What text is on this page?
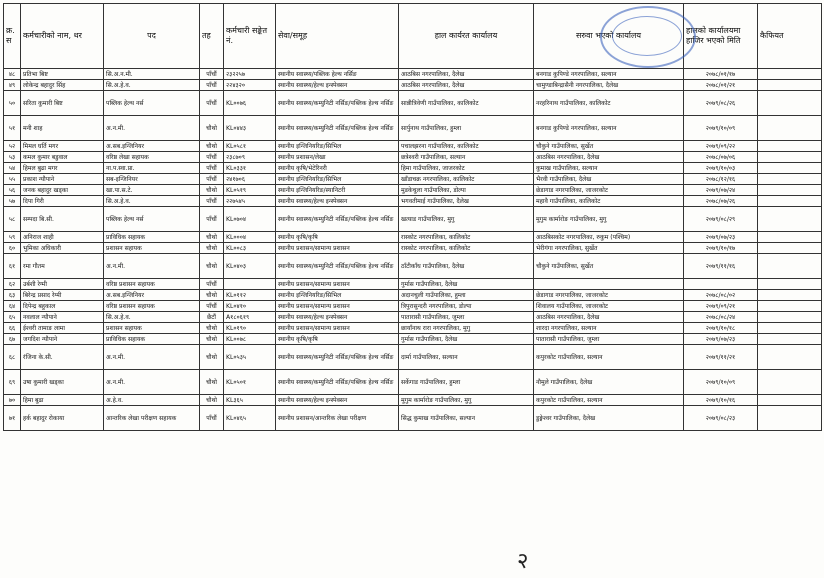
क्र. स	कर्मचारीको नाम, थर	पद	तह	कर्मचारी सङ्केत नं.	सेवा/समूह	हाल कार्यरत कार्यालय	सरुवा भएको कार्यालय	हालको कार्यालयमा हाजिर भएको मिति	कैफियत
४८	प्रतिभा बिष्ट	सि.अ.न.मी.	पाँचौं	२३२२५७	स्थानीय स्वास्थ्य/पब्लिक हेल्थ नर्सिङ	आठबिस नगरपालिका, दैलेख	बनगाड कुपिण्डे नगरपालिका, सल्यान	२०७८/०१/१७	
४९	लोकेन्द्र बहादुर सिंह	सि.अ.हे.व.	पाँचौं	२२४३२०	स्थानीय स्वास्थ्य/हेल्थ इन्स्पेक्सन	आठबिस नगरपालिका, दैलेख	चामुण्डाबिन्द्रासैनी नगरपालिका, दैलेख	२०७८/०१/२१	
५०	सरिता कुमारी बिष्ट	पब्लिक हेल्थ नर्स	पाँचौं	KL००७६	स्थानीय स्वास्थ्य/कम्युनिटी नर्सिङ/पब्लिक हेल्थ नर्सिङ	सान्नीत्रिवेणी गाउँपालिका, कालिकोट	नरहरिनाथ गाउँपालिका, कालिकोट	२०७९/०८/२६	
५१	मनी शाह	अ.न.मी.	चौथो	KL०४४३	स्थानीय स्वास्थ्य/कम्युनिटी नर्सिङ/पब्लिक हेल्थ नर्सिङ	सार्पुनाथ गाउँपालिका, हुम्ला	बनगाड कुपिण्डे नगरपालिका, सल्यान	२०७९/१०/०९	
५२	मिमल घर्ति मगर	अ.सब.इन्जिनियर	चौथो	KL०५८१	स्थानीय इन्जिनियरिङ/सिभिल	पचालझरना गाउँपालिका, कालिकोट	चौकुने गाउँपालिका, सुर्खेत	२०७९/०९/२२	
५३	कमल कुमार बडुवाल	वरिष्ठ लेखा सहायक	पाँचौं	२३८७०९	स्थानीय प्रशासन/लेखा	छत्रेश्वरी गाउँपालिका, सल्यान	आठबिस नगरपालिका, दैलेख	२०७८/०७/०६	
५४	हिमल बुढा मगर	ना.प.स्वा.प्रा.	पाँचौं	KL०३३१	स्थानीय कृषि/भेटेरिनरी	हिमा गाउँपालिका, जाजरकोट	कुमाख गाउँपालिका, सल्यान	२०७९/१०/०३	
५५	प्रकाश न्यौपाने	सब-इन्जिनियर	पाँचौं	२४१७०६	स्थानीय इन्जिनियरिङ/सिभिल	खाँडाचक्र नगरपालिका, कालिकोट	भैरवी गाउँपालिका, दैलेख	२०७८/१२/१६	
५६	जनक बहादुर खड्का	खा.पा.स.टे.	चौथो	KL०५१९	स्थानीय इन्जिनियरिङ/स्यानिटरी	मुडकेचुला गाउँपालिका, डोल्पा	छेडागाड नगरपालिका, जाजरकोट	२०७९/०७/२४	
५७	दिपा गिरी	सि.अ.हे.व.	पाँचौं	२२७५४५	स्थानीय स्वास्थ्य/हेल्थ इन्स्पेक्सन	भगवतीमाई गाउँपालिका, दैलेख	महावै गाउँपालिका, कालिकोट	२०७८/०७/२६	
५८	सम्पदा बि.सी.	पब्लिक हेल्थ नर्स	पाँचौं	KL०७०४	स्थानीय स्वास्थ्य/कम्युनिटी नर्सिङ/पब्लिक हेल्थ नर्सिङ	खत्याड गाउँपालिका, मुगु	मुगुम कार्मारोङ गाउँपालिका, मुगु	२०७९/०८/२९	
५९	अनिराज शाही	प्राविधिक सहायक	चौथो	KL०००४	स्थानीय कृषि/कृषि	रास्कोट नगरपालिका, कालिकोट	आठबिसकोट नगरपालिका, रुकुम (पश्चिम)	२०७९/०७/२३	
६०	भुमिका अधिकारी	प्रशासन सहायक	चौथो	KL००८३	स्थानीय प्रशासन/सामान्य प्रशासन	रास्कोट नगरपालिका, कालिकोट	भेरीगंगा नगरपालिका, सुर्खेत	२०७९/१०/१७	
६१	रमा गौतम	अ.न.मी.	चौथो	KL०४०३	स्थानीय स्वास्थ्य/कम्युनिटी नर्सिङ/पब्लिक हेल्थ नर्सिङ	ठाँटीकाँध गाउँपालिका, दैलेख	चौकुने गाउँपालिका, सुर्खेत	२०७९/११/१६	
६२	उर्बशी रेग्मी	वरिष्ठ प्रशासन सहायक	पाँचौं		स्थानीय प्रशासन/सामान्य प्रशासन	गुर्मास गाउँपालिका, दैलेख			
६३	बिरेन्द्र प्रसाद रेग्मी	अ.सब.इन्जिनियर	चौथो	KL०११२	स्थानीय इन्जिनियरिङ/सिभिल	अदानचुली गाउँपालिका, हुम्ला	छेडागाड नगरपालिका, जाजरकोट	२०७८/०८/०२	
६४	दिपेन्द्र बहुकाल	वरिष्ठ प्रशासन सहायक	पाँचौं	KL०४१०	स्थानीय प्रशासन/सामान्य प्रशासन	त्रिपुरासुन्दरी नगरपालिका, डोल्पा	शिवालय गाउँपालिका, जाजरकोट	२०७९/०९/२१	
६५	नवलाल न्यौपाने	सि.अ.हे.व.	छैटौं	A१८०६१९	स्थानीय स्वास्थ्य/हेल्थ इन्स्पेक्सन	पातारासी गाउँपालिका, जुम्ला	आठबिस नगरपालिका, दैलेख	२०७८/०८/२४	
६६	ईश्वरी तामाङ लामा	प्रशासन सहायक	चौथो	KL०१९०	स्थानीय प्रशासन/सामान्य प्रशासन	छायाँनाथ रारा नगरपालिका, मुगु	शारदा नगरपालिका, सल्यान	२०७९/१०/१८	
६७	जगदिश न्यौपाने	प्राविधिक सहायक	चौथो	KL००७८	स्थानीय कृषि/कृषि	गुर्मास गाउँपालिका, दैलेख	पातारासी गाउँपालिका, जुम्ला	२०७९/०७/२३	
६८	रंजिना के.सी.	अ.न.मी.	चौथो	KL०५३५	स्थानीय स्वास्थ्य/कम्युनिटी नर्सिङ/पब्लिक हेल्थ नर्सिङ	दार्मा गाउँपालिका, सल्यान	कपुरकोट गाउँपालिका, सल्यान	२०७९/११/२१	
६९	उषा कुमारी खड्का	अ.न.मी.	चौथो	KL०५०१	स्थानीय स्वास्थ्य/कम्युनिटी नर्सिङ/पब्लिक हेल्थ नर्सिङ	सर्केगाड गाउँपालिका, हुम्ला	नौमुले गाउँपालिका, दैलेख	२०७९/१०/०९	
७०	हिमा बुढा	अ.हे.व.	चौथो	KL३६५	स्थानीय स्वास्थ्य/हेल्थ इन्स्पेक्सन	मुगुम कार्मारोङ गाउँपालिका, मुगु	कपुरकोट गाउँपालिका, सल्यान	२०७९/१०/१६	
७१	हर्क बहादुर रोकाया	आन्तरिक लेखा परीक्षण सहायक	पाँचौं	KL०४६५	स्थानीय प्रशासन/आन्तरिक लेखा परीक्षण	सिद्ध कुमाख गाउँपालिका, सल्यान	डुङ्गेश्वर गाउँपालिका, दैलेख	२०७९/०८/२३	
२
